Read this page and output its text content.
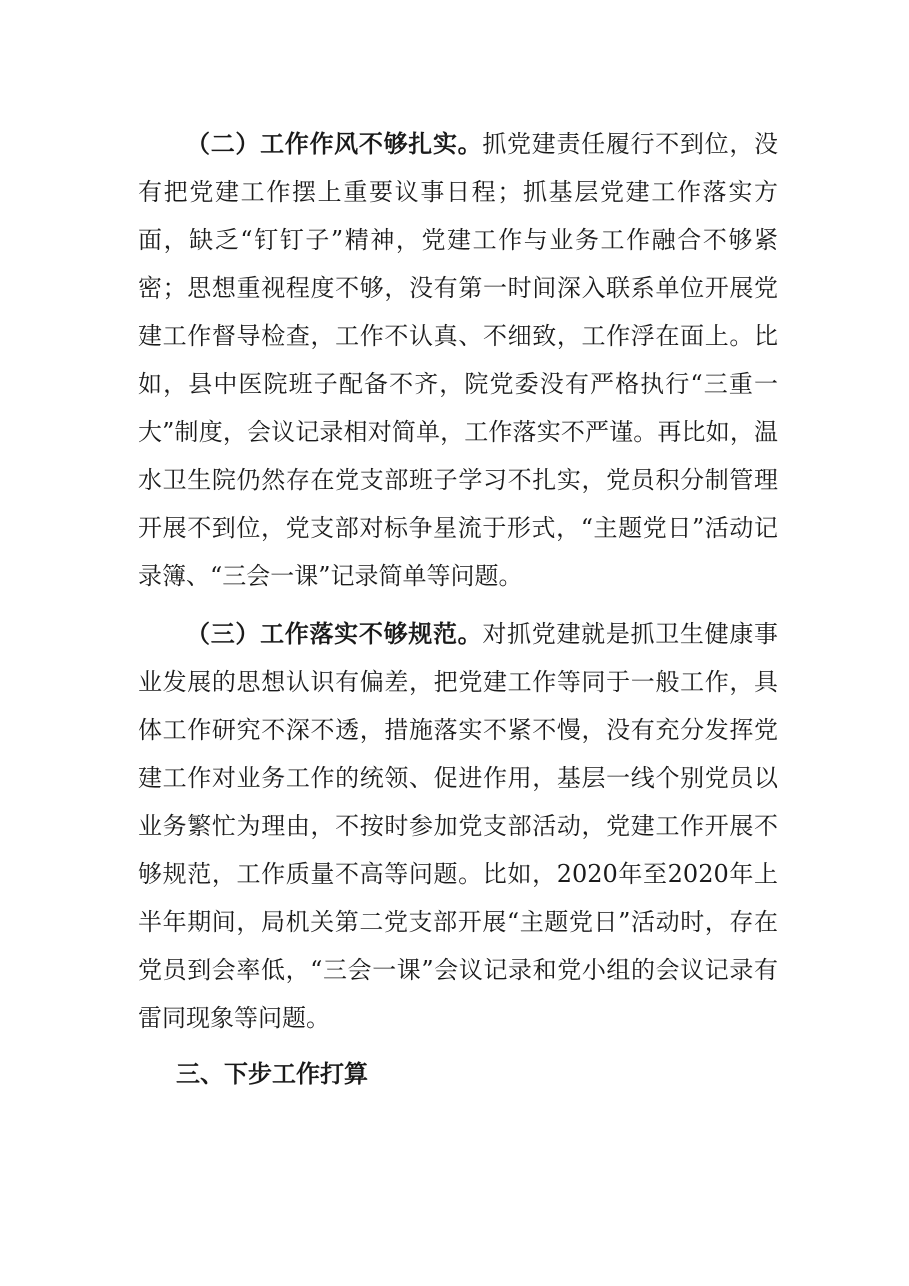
（二）工作作风不够扎实。抓党建责任履行不到位，没有把党建工作摆上重要议事日程；抓基层党建工作落实方面，缺乏“钉钉子”精神，党建工作与业务工作融合不够紧密；思想重视程度不够，没有第一时间深入联系单位开展党建工作督导检查，工作不认真、不细致，工作浮在面上。比如，县中医院班子配备不齐，院党委没有严格执行“三重一大”制度，会议记录相对简单，工作落实不严谨。再比如，温水卫生院仍然存在党支部班子学习不扎实，党员积分制管理开展不到位，党支部对标争星流于形式，“主题党日”活动记录簿、“三会一课”记录简单等问题。

（三）工作落实不够规范。对抓党建就是抓卫生健康事业发展的思想认识有偏差，把党建工作等同于一般工作，具体工作研究不深不透，措施落实不紧不慢，没有充分发挥党建工作对业务工作的统领、促进作用，基层一线个别党员以业务繁忙为理由，不按时参加党支部活动，党建工作开展不够规范，工作质量不高等问题。比如，2020年至2020年上半年期间，局机关第二党支部开展“主题党日”活动时，存在党员到会率低，“三会一课”会议记录和党小组的会议记录有雷同现象等问题。

三、下步工作打算
